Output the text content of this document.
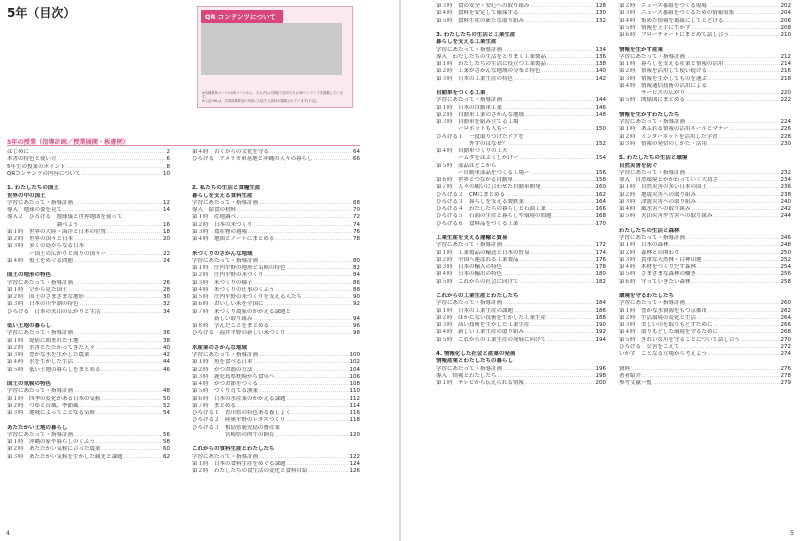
5年（目次）	QR コンテンツについて
※各種教育ページのQRコードから、それぞれの情報で活用できるQRコンテンツを掲載しています。
※上記URLは、学習指導要領の内容に対応する資料が掲載されています(予定)。
5年の授業（指導計画／授業展開・板書例）
はじめに ………………………………………………………………………………………………	2
本書の特色と使い方 ………………………………………………………………………………………………	6
5年生の授業のポイント ………………………………………………………………………………………………	8
QRコンテンツの内容について ………………………………………………………………………………………………	10
1. わたしたちの国土
世界の中の国土
学習にあたって・指導計画 ………………………………………………………………………………………………	12
導入　地球の姿を見て ………………………………………………………………………………………………	14
導入２　ひろげる　地球儀と世界地図を使って
　　　　　　　　　調べよう ………………………………………………………………………………………………	16
第１時　世界の大陸・海洋と日本の位置 ………………………………………………………………………………………………	18
第２時　世界の国々と日本 ………………………………………………………………………………………………	20
第３時　多くの島からなる日本
　　　　ー国土の広がりと周りの国々ー ………………………………………………………………………………………………	22
第４時　領土をめぐる問題 ………………………………………………………………………………………………	24
国土の地形の特色
学習にあたって・指導計画 ………………………………………………………………………………………………	26
第１時　空から見た国土 ………………………………………………………………………………………………	28
第２時　国土のさまざまな地形 ………………………………………………………………………………………………	30
第３時　日本の川や湖の特色 ………………………………………………………………………………………………	32
ひろげる　日本の火山の広がりと生活 ………………………………………………………………………………………………	34
低い土地の暮らし
学習にあたって・指導計画 ………………………………………………………………………………………………	36
第１時　堤防に囲まれた土地 ………………………………………………………………………………………………	38
第２時　水害とたたかってきた人々 ………………………………………………………………………………………………	40
第３時　豊かな水を生かした農業 ………………………………………………………………………………………………	42
第４時　水を生かした生活 ………………………………………………………………………………………………	44
第５時　低い土地の暮らしをまとめる ………………………………………………………………………………………………	46
国土の気候の特色
学習にあたって・指導計画 ………………………………………………………………………………………………	48
第１時　四季の変化がある日本の気候 ………………………………………………………………………………………………	50
第２時　つゆと台風、季節風 ………………………………………………………………………………………………	52
第３時　地域によってことなる気候 ………………………………………………………………………………………………	54
あたたかい土地の暮らし
学習にあたって・指導計画 ………………………………………………………………………………………………	56
第１時　沖縄の家や暮らしのくふう ………………………………………………………………………………………………	58
第２時　あたたかい気候に合った農業 ………………………………………………………………………………………………	60
第３時　あたたかい気候を生かした観光と課題 ………………………………………………………………………………………………	62
第４時　古くからの文化を守る ………………………………………………………………………………………………	64
ひろげる　アメリカ軍基地と沖縄の人々の暮らし ………………………………………………………………………………………………	66
2. 私たちの生活と食糧生産
暮らしを支える食料生産
学習にあたって・指導計画 ………………………………………………………………………………………………	68
導入　給食の材料 ………………………………………………………………………………………………	70
第１時　産地調べ ………………………………………………………………………………………………	72
第２時　日本の米づくり ………………………………………………………………………………………………	74
第３時　農産物の週報 ………………………………………………………………………………………………	76
第４時　地図とノートにまとめる ………………………………………………………………………………………………	78
米づくりのさかんな地域
学習にあたって・指導計画 ………………………………………………………………………………………………	80
第１時　庄内平野の地形と気候の特色 ………………………………………………………………………………………………	82
第２時　庄内平野の米づくり ………………………………………………………………………………………………	84
第３時　米づくりの様子 ………………………………………………………………………………………………	86
第４時　米づくりの仕事のくふう ………………………………………………………………………………………………	88
第５時　庄内平野の米づくりを支える人たち ………………………………………………………………………………………………	90
第６時　おいしい米を全国に ………………………………………………………………………………………………	92
第７時　米づくり農家のかかえる課題と
　　　　新しい取り組み ………………………………………………………………………………………………	94
第８時　学んだことをまとめる ………………………………………………………………………………………………	96
ひろげる　福井平野の新しい米づくり ………………………………………………………………………………………………	98
水産業のさかんな地域
学習にあたって・指導計画 ………………………………………………………………………………………………	100
第１時　魚を食べる日本 ………………………………………………………………………………………………	102
第２時　かつお漁の方法 ………………………………………………………………………………………………	104
第３時　鹿児島県枕崎から食卓へ ………………………………………………………………………………………………	106
第４時　かつお節をつくる ………………………………………………………………………………………………	108
第５時　つくり育てる漁業 ………………………………………………………………………………………………	110
第６時　日本の水産業のかかえる課題 ………………………………………………………………………………………………	112
第７時　まとめる ………………………………………………………………………………………………	114
ひろげる１　香川県の特色ある養しょく ………………………………………………………………………………………………	116
ひろげる２　陸奥平野のレタスづくり ………………………………………………………………………………………………	118
ひろげる３　根島県鹿児島の畜産業
　　　　　　宮崎県の肉牛の飼育 ………………………………………………………………………………………………	120
これからの食料生産とわたしたち
学習にあたって・指導計画 ………………………………………………………………………………………………	122
第１時　日本の食料生産をめぐる課題 ………………………………………………………………………………………………	124
第２時　わたしたちの食生活の変化と食料自給 ………………………………………………………………………………………………	126
4
第３時　食の安全・安心への取り組み ………………………………………………………………………………………………	128
第４時　食料を安定して確保する ………………………………………………………………………………………………	130
第５時　食料生産の新たな取り組み ………………………………………………………………………………………………	132
3. わたしたちの生活と工業生産
暮らしを支える工業生産
学習にあたって・指導計画 ………………………………………………………………………………………………	134
導入　わたしたちの生活をとりまく工業製品 ………………………………………………………………………………………………	136
第１時　わたしたちの生活に役立つ工業製品 ………………………………………………………………………………………………	138
第２時　工業がさかんな地域の分布と特色 ………………………………………………………………………………………………	140
第３時　日本の工業生産の特色 ………………………………………………………………………………………………	142
自動車をつくる工業
学習にあたって・指導計画 ………………………………………………………………………………………………	144
第１時　日本の自動車工業 ………………………………………………………………………………………………	146
第２時　自動車工業のさかんな地域 ………………………………………………………………………………………………	148
第３時　自動車を組み立てる工場
　　　　ーロボットも人もー ………………………………………………………………………………………………	150
ひろげる１　一度取りつけたドアを
　　　　　　外すのはなぜ？ ………………………………………………………………………………………………	152
第４時　自動車づくりの工夫
　　　　ームダをはぶくしかけー ………………………………………………………………………………………………	154
第５時　部品はどこから
　　　　ー自動車部品をつくる工場ー ………………………………………………………………………………………………	156
第６時　世界とつながる自動車 ………………………………………………………………………………………………	158
第７時　人々の願いに合わせた自動車開発 ………………………………………………………………………………………………	160
ひろげる２　CMにまとめる ………………………………………………………………………………………………	162
ひろげる３　暮らしを支える製鉄業 ………………………………………………………………………………………………	164
ひろげる４　わたしたちの暮らしと石油工業 ………………………………………………………………………………………………	166
ひろげる５　石油の生産と暮らしや環境の問題 ………………………………………………………………………………………………	168
ひろげる６　食料品をつくる工業 ………………………………………………………………………………………………	170
工業生産を支える運輸と貿易
学習にあたって・指導計画 ………………………………………………………………………………………………	172
第１時　工業製品の輸送と日本の貿易 ………………………………………………………………………………………………	174
第２時　全国へ運ばれる工業製品 ………………………………………………………………………………………………	176
第３時　日本の輸入の特色 ………………………………………………………………………………………………	178
第４時　日本の輸出の特色 ………………………………………………………………………………………………	180
第５時　これからの社会に向けて ………………………………………………………………………………………………	182
これからの工業生産とわたしたち
学習にあたって・指導計画 ………………………………………………………………………………………………	184
第１時　日本の工業生産の課題 ………………………………………………………………………………………………	186
第２時　ほかにない技術を生かした工業生産 ………………………………………………………………………………………………	188
第３時　高い技術を生かした工業生産 ………………………………………………………………………………………………	190
第４時　新しい工業生産の取り組み ………………………………………………………………………………………………	192
第５時　これからの工業生産の発展に向けて ………………………………………………………………………………………………	194
4. 情報化した社会と産業の発展
情報産業とわたしたちの暮らし
学習にあたって・指導計画 ………………………………………………………………………………………………	196
導入　情報とわたしたち ………………………………………………………………………………………………	198
第１時　テレビから伝えられる情報 ………………………………………………………………………………………………	200
第２時　ニュース番組をつくる現場 ………………………………………………………………………………………………	202
第３時　ニュース番組をつくるための情報収集 ………………………………………………………………………………………………	204
第４時　集めた情報を番組にしてとどける ………………………………………………………………………………………………	206
第５時　情報を上手に生かす ………………………………………………………………………………………………	208
第６時　フローチャートにまとめて話し合う ………………………………………………………………………………………………	210
情報を生かす産業
学習にあたって・指導計画 ………………………………………………………………………………………………	212
第１時　暮らしを支える産業と情報の活用 ………………………………………………………………………………………………	214
第２時　情報を活用して使い続ける ………………………………………………………………………………………………	216
第３時　情報を生かしてものを運ぶ ………………………………………………………………………………………………	218
第４時　情報通信技術の活用による
　　　　サービスの広がり ………………………………………………………………………………………………	220
第５時　関係図にまとめる ………………………………………………………………………………………………	222
情報を生かすわたしたち
学習にあたって・指導計画 ………………………………………………………………………………………………	224
第１時　あふれる情報の活用ルールとマナー ………………………………………………………………………………………………	226
第２時　インターネットを活用した学習 ………………………………………………………………………………………………	228
第３時　情報の発信のしかた・活用 ………………………………………………………………………………………………	230
5. わたしたちの生活と環境
自然災害を防ぐ
学習にあたって・指導計画 ………………………………………………………………………………………………	232
導入　自然環境とかかわっていく大切さ ………………………………………………………………………………………………	234
第１時　自然災害の多い日本の国土 ………………………………………………………………………………………………	236
第２時　地震災害への取り組み ………………………………………………………………………………………………	238
第３時　津波災害への取り組み ………………………………………………………………………………………………	240
第４時　風水害への取り組み ………………………………………………………………………………………………	242
第５時　火山災害や雪害への取り組み ………………………………………………………………………………………………	244
わたしたちの生活と森林
学習にあたって・指導計画 ………………………………………………………………………………………………	246
第１時　日本の森林 ………………………………………………………………………………………………	248
第２時　森林との関わり ………………………………………………………………………………………………	250
第３時　貴重な天然林・白神山地 ………………………………………………………………………………………………	252
第４時　木材をつくりだす森林 ………………………………………………………………………………………………	254
第５時　さまざまな森林の働き ………………………………………………………………………………………………	256
第６時　守っていきたい森林 ………………………………………………………………………………………………	258
環境を守るわたしたち
学習にあたって・指導計画 ………………………………………………………………………………………………	260
第１時　豊かな水資源をもつ京都市 ………………………………………………………………………………………………	262
第２時　生活環境の変化と生活 ………………………………………………………………………………………………	264
第３時　美しい川を取りもどすために ………………………………………………………………………………………………	266
第４時　取りもどした環境を守るために ………………………………………………………………………………………………	268
第５時　きれいな川を守ることについて話し合う ………………………………………………………………………………………………	270
ひろげる　公害をこえて ………………………………………………………………………………………………	272
いかす　ことなる立場から考えよう ………………………………………………………………………………………………	274
資料 ………………………………………………………………………………………………	276
著者紹介 ………………………………………………………………………………………………	278
参考文献一覧 ………………………………………………………………………………………………	279
5
